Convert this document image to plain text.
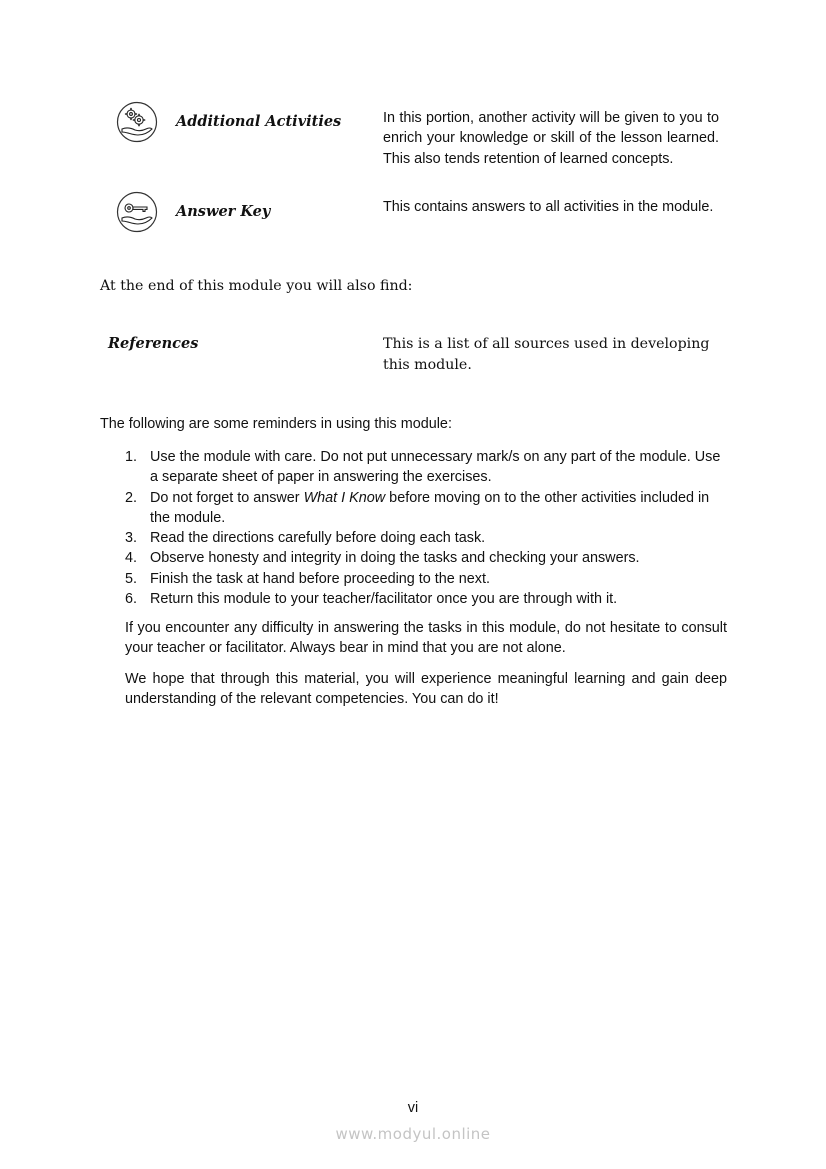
Additional Activities	In this portion, another activity will be given to you to enrich your knowledge or skill of the lesson learned. This also tends retention of learned concepts.
Answer Key	This contains answers to all activities in the module.
At the end of this module you will also find:
References	This is a list of all sources used in developing this module.
The following are some reminders in using this module:
1. Use the module with care. Do not put unnecessary mark/s on any part of the module. Use a separate sheet of paper in answering the exercises.
2. Do not forget to answer What I Know before moving on to the other activities included in the module.
3. Read the directions carefully before doing each task.
4. Observe honesty and integrity in doing the tasks and checking your answers.
5. Finish the task at hand before proceeding to the next.
6. Return this module to your teacher/facilitator once you are through with it.
If you encounter any difficulty in answering the tasks in this module, do not hesitate to consult your teacher or facilitator. Always bear in mind that you are not alone.
We hope that through this material, you will experience meaningful learning and gain deep understanding of the relevant competencies. You can do it!
vi
www.modyul.online
